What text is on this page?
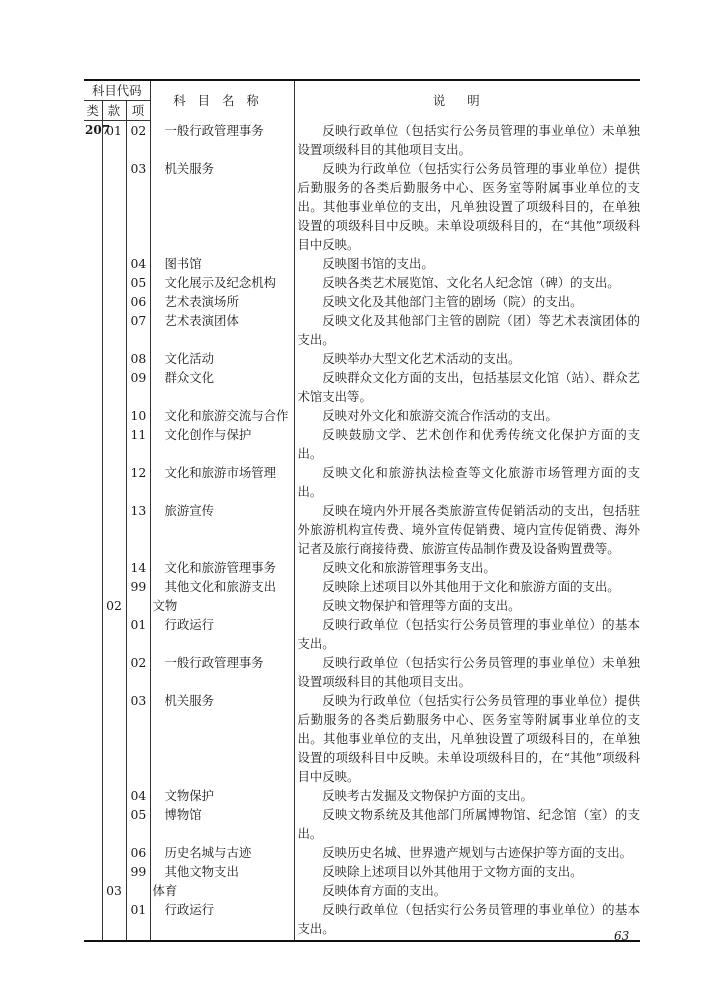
科目代码			科目名称	说明
类	款	项		
207	01	02	一般行政管理事务	反映行政单位（包括实行公务员管理的事业单位）未单独设置项级科目的其他项目支出。
		03	机关服务	反映为行政单位（包括实行公务员管理的事业单位）提供后勤服务的各类后勤服务中心、医务室等附属事业单位的支出。其他事业单位的支出，凡单独设置了项级科目的，在单独设置的项级科目中反映。未单设项级科目的，在“其他”项级科目中反映。
		04	图书馆	反映图书馆的支出。
		05	文化展示及纪念机构	反映各类艺术展览馆、文化名人纪念馆（碑）的支出。
		06	艺术表演场所	反映文化及其他部门主管的剧场（院）的支出。
		07	艺术表演团体	反映文化及其他部门主管的剧院（团）等艺术表演团体的支出。
		08	文化活动	反映举办大型文化艺术活动的支出。
		09	群众文化	反映群众文化方面的支出，包括基层文化馆（站）、群众艺术馆支出等。
		10	文化和旅游交流与合作	反映对外文化和旅游交流合作活动的支出。
		11	文化创作与保护	反映鼓励文学、艺术创作和优秀传统文化保护方面的支出。
		12	文化和旅游市场管理	反映文化和旅游执法检查等文化旅游市场管理方面的支出。
		13	旅游宣传	反映在境内外开展各类旅游宣传促销活动的支出，包括驻外旅游机构宣传费、境外宣传促销费、境内宣传促销费、海外记者及旅行商接待费、旅游宣传品制作费及设备购置费等。
		14	文化和旅游管理事务	反映文化和旅游管理事务支出。
		99	其他文化和旅游支出	反映除上述项目以外其他用于文化和旅游方面的支出。
	02		文物	反映文物保护和管理等方面的支出。
		01	行政运行	反映行政单位（包括实行公务员管理的事业单位）的基本支出。
		02	一般行政管理事务	反映行政单位（包括实行公务员管理的事业单位）未单独设置项级科目的其他项目支出。
		03	机关服务	反映为行政单位（包括实行公务员管理的事业单位）提供后勤服务的各类后勤服务中心、医务室等附属事业单位的支出。其他事业单位的支出，凡单独设置了项级科目的，在单独设置的项级科目中反映。未单设项级科目的，在“其他”项级科目中反映。
		04	文物保护	反映考古发掘及文物保护方面的支出。
		05	博物馆	反映文物系统及其他部门所属博物馆、纪念馆（室）的支出。
		06	历史名城与古迹	反映历史名城、世界遗产规划与古迹保护等方面的支出。
		99	其他文物支出	反映除上述项目以外其他用于文物方面的支出。
	03		体育	反映体育方面的支出。
		01	行政运行	反映行政单位（包括实行公务员管理的事业单位）的基本支出。
63
